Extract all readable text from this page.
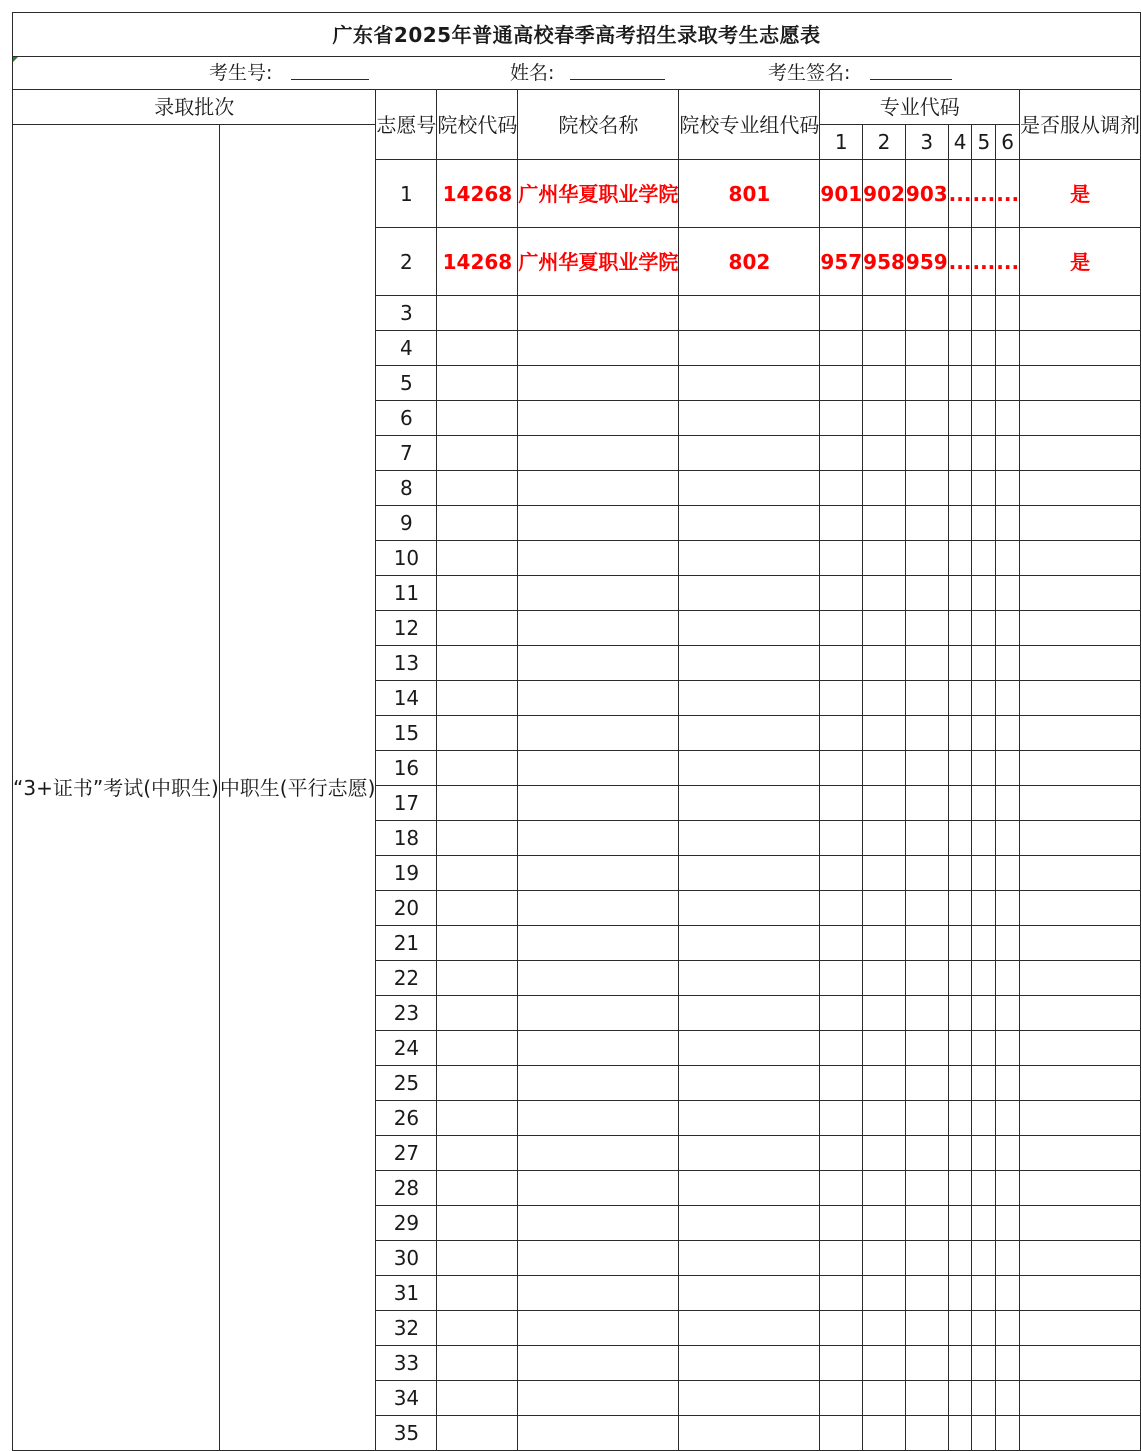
广东省2025年普通高校春季高考招生录取考生志愿表												

考生号: 姓名: 考生签名:												

录取批次		志愿号	院校代码	院校名称	院校专业组代码	专业代码						是否服从调剂
“3+证书”考试(中职生)	中职生(平行志愿)					1	2	3	4	5	6	
		1	14268	广州华夏职业学院	801	901	902	903	...	...	...	是
		2	14268	广州华夏职业学院	802	957	958	959	...	...	...	是
		3										
		4										
		5										
		6										
		7										
		8										
		9										
		10										
		11										
		12										
		13										
		14										
		15										
		16										
		17										
		18										
		19										
		20										
		21										
		22										
		23										
		24										
		25										
		26										
		27										
		28										
		29										
		30										
		31										
		32										
		33										
		34										
		35										
